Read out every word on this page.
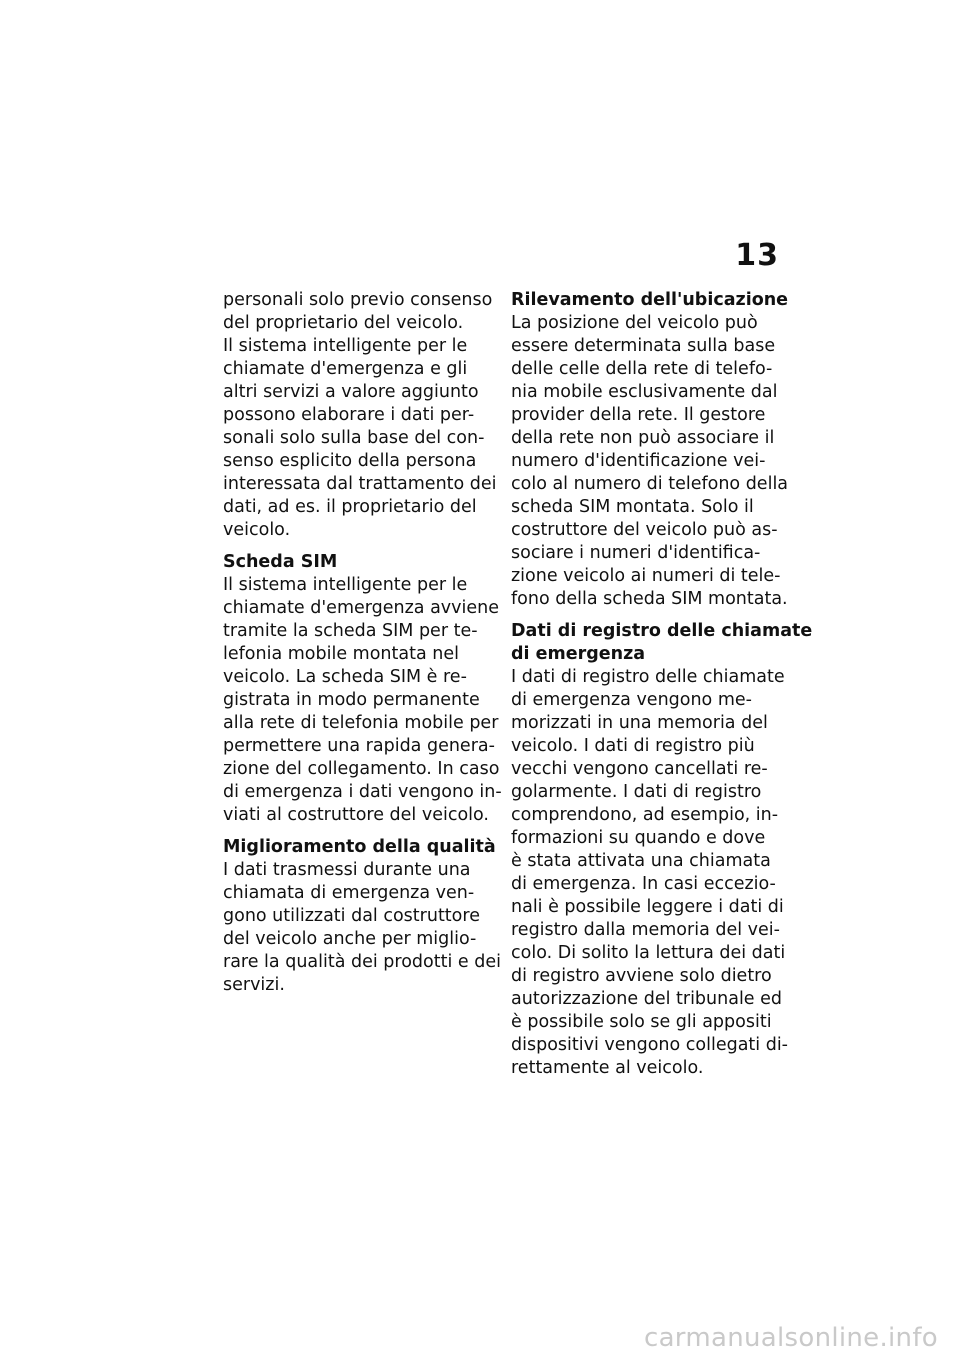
13
personali solo previo consenso
del proprietario del veicolo.
Il sistema intelligente per le
chiamate d'emergenza e gli
altri servizi a valore aggiunto
possono elaborare i dati per-
sonali solo sulla base del con-
senso esplicito della persona
interessata dal trattamento dei
dati, ad es. il proprietario del
veicolo.
Scheda SIM
Il sistema intelligente per le
chiamate d'emergenza avviene
tramite la scheda SIM per te-
lefonia mobile montata nel
veicolo. La scheda SIM è re-
gistrata in modo permanente
alla rete di telefonia mobile per
permettere una rapida genera-
zione del collegamento. In caso
di emergenza i dati vengono in-
viati al costruttore del veicolo.
Miglioramento della qualità
I dati trasmessi durante una
chiamata di emergenza ven-
gono utilizzati dal costruttore
del veicolo anche per miglio-
rare la qualità dei prodotti e dei
servizi.
Rilevamento dell'ubicazione
La posizione del veicolo può
essere determinata sulla base
delle celle della rete di telefo-
nia mobile esclusivamente dal
provider della rete. Il gestore
della rete non può associare il
numero d'identificazione vei-
colo al numero di telefono della
scheda SIM montata. Solo il
costruttore del veicolo può as-
sociare i numeri d'identifica-
zione veicolo ai numeri di tele-
fono della scheda SIM montata.
Dati di registro delle chiamate
di emergenza
I dati di registro delle chiamate
di emergenza vengono me-
morizzati in una memoria del
veicolo. I dati di registro più
vecchi vengono cancellati re-
golarmente. I dati di registro
comprendono, ad esempio, in-
formazioni su quando e dove
è stata attivata una chiamata
di emergenza. In casi eccezio-
nali è possibile leggere i dati di
registro dalla memoria del vei-
colo. Di solito la lettura dei dati
di registro avviene solo dietro
autorizzazione del tribunale ed
è possibile solo se gli appositi
dispositivi vengono collegati di-
rettamente al veicolo.
carmanualsonline.info
